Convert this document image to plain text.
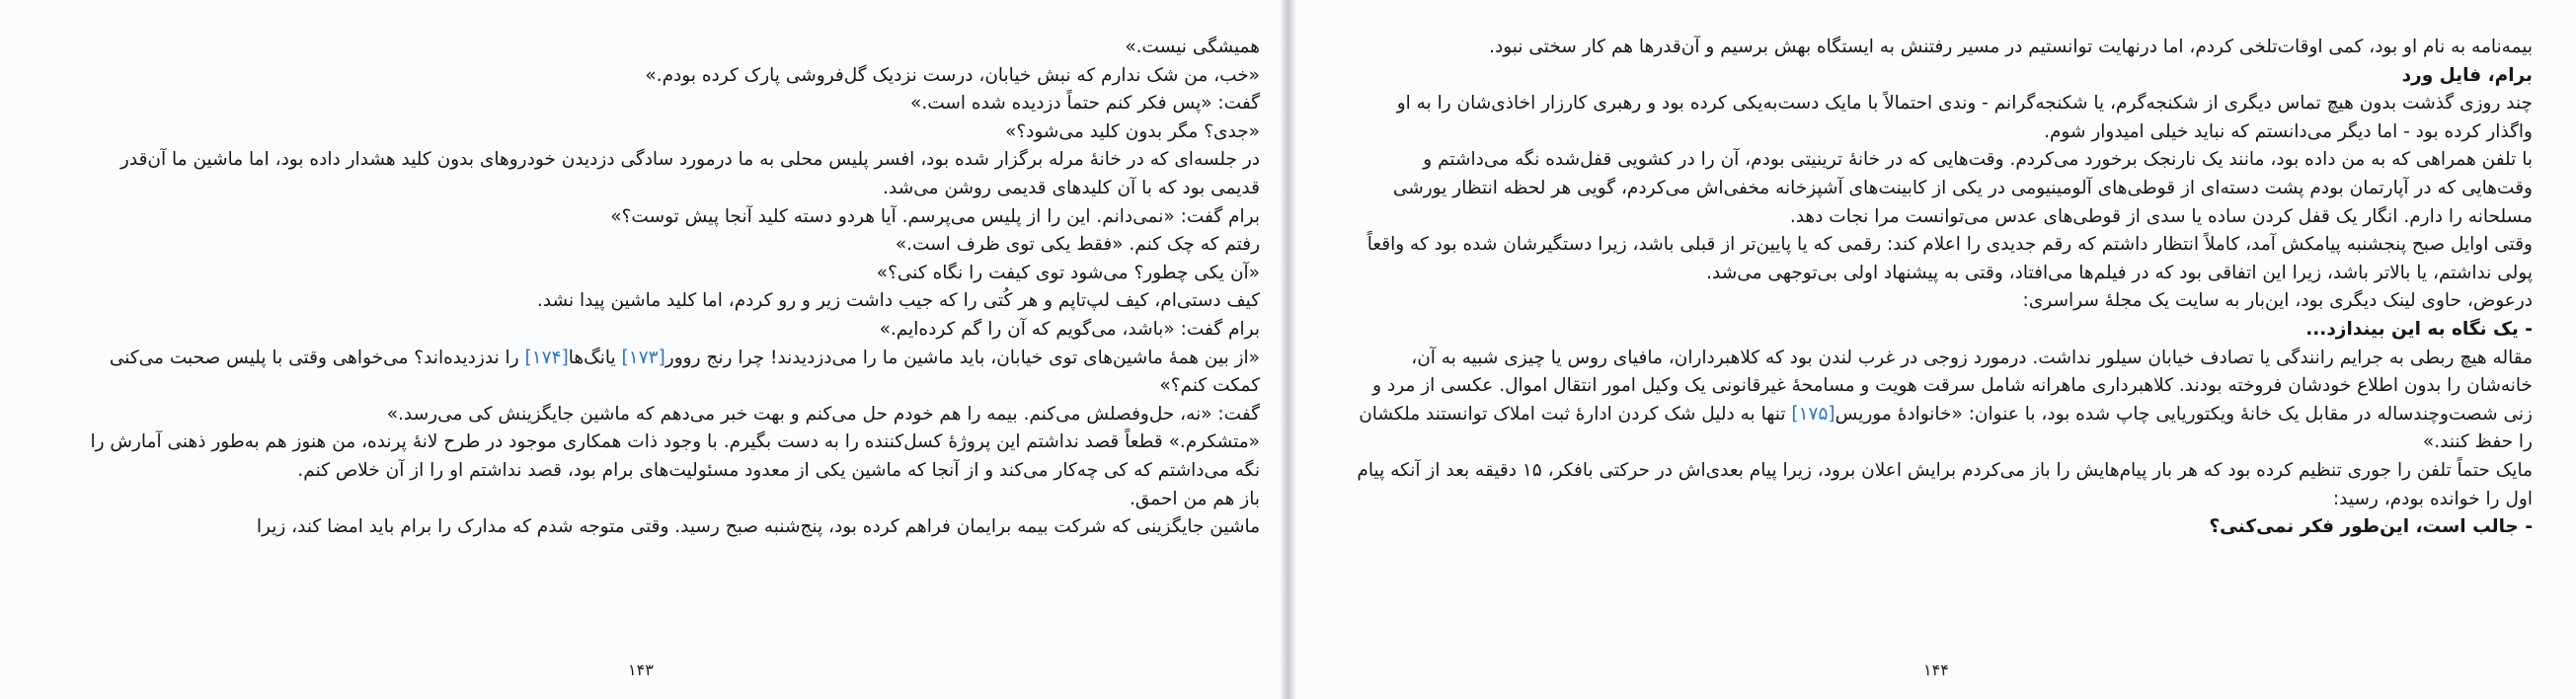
همیشگی نیست.»

«خب، من شک ندارم که نبش خیابان، درست نزدیک گل‌فروشی پارک کرده بودم.»

گفت: «پس فکر کنم حتماً دزدیده شده است.»

«جدی؟ مگر بدون کلید می‌شود؟»

در جلسه‌ای که در خانهٔ مرله برگزار شده بود، افسر پلیس محلی به ما درمورد سادگی دزدیدن خودروهای بدون کلید هشدار داده بود، اما ماشین ما آن‌قدر قدیمی بود که با آن کلیدهای قدیمی روشن می‌شد.

برام گفت: «نمی‌دانم. این را از پلیس می‌پرسم. آیا هردو دسته کلید آنجا پیش توست؟»

رفتم که چک کنم. «فقط یکی توی ظرف است.»

«آن یکی چطور؟ می‌شود توی کیفت را نگاه کنی؟»

کیف دستی‌ام، کیف لپ‌تاپم و هر کُتی را که جیب داشت زیر و رو کردم، اما کلید ماشین پیدا نشد.

برام گفت: «باشد، می‌گویم که آن را گم کرده‌ایم.»

«از بین همهٔ ماشین‌های توی خیابان، باید ماشین ما را می‌دزدیدند! چرا رنج روور[۱۷۳] یانگ‌ها[۱۷۴] را ندزدیده‌اند؟ می‌خواهی وقتی با پلیس صحبت می‌کنی کمکت کنم؟»

گفت: «نه، حل‌وفصلش می‌کنم. بیمه را هم خودم حل می‌کنم و بهت خبر می‌دهم که ماشین جایگزینش کی می‌رسد.»

«متشکرم.» قطعاً قصد نداشتم این پروژهٔ کسل‌کننده را به دست بگیرم. با وجود ذات همکاری موجود در طرح لانهٔ پرنده، من هنوز هم به‌طور ذهنی آمارش را نگه می‌داشتم که کی چه‌کار می‌کند و از آنجا که ماشین یکی از معدود مسئولیت‌های برام بود، قصد نداشتم او را از آن خلاص کنم.

باز هم من احمق.

ماشین جایگزینی که شرکت بیمه برایمان فراهم کرده بود، پنج‌شنبه صبح رسید. وقتی متوجه شدم که مدارک را برام باید امضا کند، زیرا

۱۴۳

بیمه‌نامه به نام او بود، کمی اوقات‌تلخی کردم، اما درنهایت توانستیم در مسیر رفتنش به ایستگاه بهش برسیم و آن‌قدرها هم کار سختی نبود.

برام، فایل ورد

چند روزی گذشت بدون هیچ تماس دیگری از شکنجه‌گرم، یا شکنجه‌گرانم - وندی احتمالاً با مایک دست‌به‌یکی کرده بود و رهبری کارزار اخاذی‌شان را به او واگذار کرده بود - اما دیگر می‌دانستم که نباید خیلی امیدوار شوم.

با تلفن همراهی که به من داده بود، مانند یک نارنجک برخورد می‌کردم. وقت‌هایی که در خانهٔ ترینیتی بودم، آن را در کشویی قفل‌شده نگه می‌داشتم و وقت‌هایی که در آپارتمان بودم پشت دسته‌ای از قوطی‌های آلومینیومی در یکی از کابینت‌های آشپزخانه مخفی‌اش می‌کردم، گویی هر لحظه انتظار یورشی مسلحانه را دارم. انگار یک قفل کردن ساده یا سدی از قوطی‌های عدس می‌توانست مرا نجات دهد.

وقتی اوایل صبح پنجشنبه پیامکش آمد، کاملاً انتظار داشتم که رقم جدیدی را اعلام کند: رقمی که یا پایین‌تر از قبلی باشد، زیرا دستگیرشان شده بود که واقعاً پولی نداشتم، یا بالاتر باشد، زیرا این اتفاقی بود که در فیلم‌ها می‌افتاد، وقتی به پیشنهاد اولی بی‌توجهی می‌شد.

درعوض، حاوی لینک دیگری بود، این‌بار به سایت یک مجلهٔ سراسری:

- یک نگاه به این بیندازد...

مقاله هیچ ربطی به جرایم رانندگی یا تصادف خیابان سیلور نداشت. درمورد زوجی در غرب لندن بود که کلاهبرداران، مافیای روس یا چیزی شبیه به آن، خانه‌شان را بدون اطلاع خودشان فروخته بودند. کلاهبرداری ماهرانه شامل سرقت هویت و مسامحهٔ غیرقانونی یک وکیل امور انتقال اموال. عکسی از مرد و زنی شصت‌وچندساله در مقابل یک خانهٔ ویکتوریایی چاپ شده بود، با عنوان: «خانوادهٔ موریس[۱۷۵] تنها به دلیل شک کردن ادارهٔ ثبت املاک توانستند ملکشان را حفظ کنند.»

مایک حتماً تلفن را جوری تنظیم کرده بود که هر بار پیام‌هایش را باز می‌کردم برایش اعلان برود، زیرا پیام بعدی‌اش در حرکتی بافکر، ۱۵ دقیقه بعد از آنکه پیام اول را خوانده بودم، رسید:

- جالب است، این‌طور فکر نمی‌کنی؟

۱۴۴
